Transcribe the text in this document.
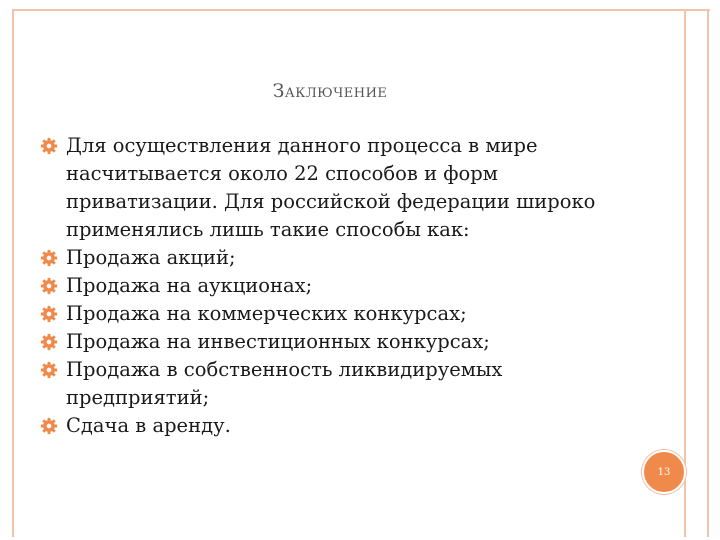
Заключение
Для осуществления данного процесса в мире насчитывается около 22 способов и форм приватизации. Для российской федерации широко применялись лишь такие способы как:
Продажа акций;
Продажа на аукционах;
Продажа на коммерческих конкурсах;
Продажа на инвестиционных конкурсах;
Продажа в собственность ликвидируемых предприятий;
Сдача в аренду.
13
